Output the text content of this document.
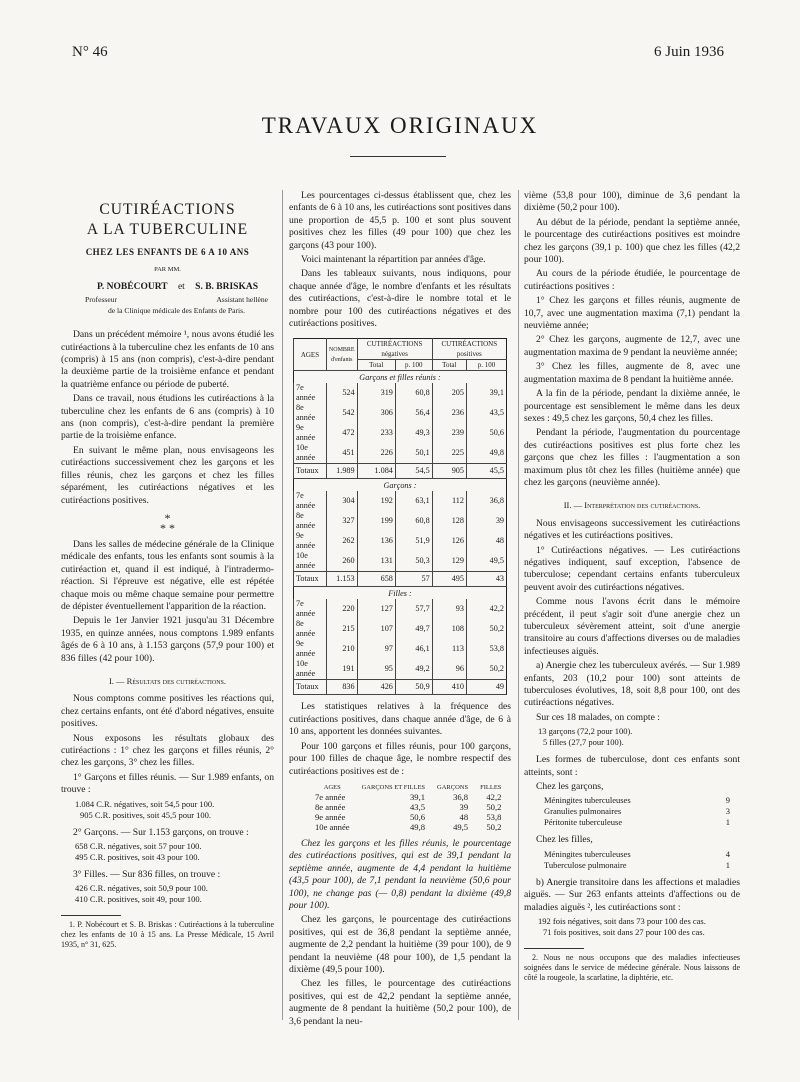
N° 46	6 Juin 1936
TRAVAUX ORIGINAUX
CUTIRÉACTIONS
A LA TUBERCULINE
CHEZ LES ENFANTS DE 6 A 10 ANS
PAR MM.
P. NOBÉCOURT et S. B. BRISKAS
Professeur	Assistant hellène
de la Clinique médicale des Enfants de Paris.

Dans un précédent mémoire ¹, nous avons étudié les cutiréactions à la tuberculine chez les enfants de 10 ans (compris) à 15 ans (non compris), c'est-à-dire pendant la deuxième partie de la troisième enfance et pendant la quatrième enfance ou période de puberté.

Dans ce travail, nous étudions les cutiréactions à la tuberculine chez les enfants de 6 ans (compris) à 10 ans (non compris), c'est-à-dire pendant la première partie de la troisième enfance.

En suivant le même plan, nous envisageons les cutiréactions successivement chez les garçons et les filles réunis, chez les garçons et chez les filles séparément, les cutiréactions négatives et les cutiréactions positives.

*
* *

Dans les salles de médecine générale de la Clinique médicale des enfants, tous les enfants sont soumis à la cutiréaction et, quand il est indiqué, à l'intradermo-réaction. Si l'épreuve est négative, elle est répétée chaque mois ou même chaque semaine pour permettre de dépister éventuellement l'apparition de la réaction.

Depuis le 1er Janvier 1921 jusqu'au 31 Décembre 1935, en quinze années, nous comptons 1.989 enfants âgés de 6 à 10 ans, à 1.153 garçons (57,9 pour 100) et 836 filles (42 pour 100).

I. — Résultats des cutiréactions.

Nous comptons comme positives les réactions qui, chez certains enfants, ont été d'abord négatives, ensuite positives.

Nous exposons les résultats globaux des cutiréactions : 1° chez les garçons et filles réunis, 2° chez les garçons, 3° chez les filles.

1° Garçons et filles réunis. — Sur 1.989 enfants, on trouve :

1.084 C.R. négatives, soit 54,5 pour 100.
905 C.R. positives, soit 45,5 pour 100.

2° Garçons. — Sur 1.153 garçons, on trouve :

658 C.R. négatives, soit 57 pour 100.
495 C.R. positives, soit 43 pour 100.

3° Filles. — Sur 836 filles, on trouve :

426 C.R. négatives, soit 50,9 pour 100.
410 C.R. positives, soit 49, pour 100.

1. P. Nobécourt et S. B. Briskas : Cutiréactions à la tuberculine chez les enfants de 10 à 15 ans. La Presse Médicale, 15 Avril 1935, n° 31, 625.

Les pourcentages ci-dessus établissent que, chez les enfants de 6 à 10 ans, les cutiréactions sont positives dans une proportion de 45,5 p. 100 et sont plus souvent positives chez les filles (49 pour 100) que chez les garçons (43 pour 100).

Voici maintenant la répartition par années d'âge.

Dans les tableaux suivants, nous indiquons, pour chaque année d'âge, le nombre d'enfants et les résultats des cutiréactions, c'est-à-dire le nombre total et le nombre pour 100 des cutiréactions négatives et des cutiréactions positives.

AGES	NOMBRE d'enfants	CUTIRÉACTIONS négatives		CUTIRÉACTIONS positives	
		Total	p. 100	Total	p. 100
Garçons et filles réunis :					
7e année	524	319	60,8	205	39,1
8e année	542	306	56,4	236	43,5
9e année	472	233	49,3	239	50,6
10e année	451	226	50,1	225	49,8
Totaux	1.989	1.084	54,5	905	45,5
Garçons :					
7e année	304	192	63,1	112	36,8
8e année	327	199	60,8	128	39
9e année	262	136	51,9	126	48
10e année	260	131	50,3	129	49,5
Totaux	1.153	658	57	495	43
Filles :					
7e année	220	127	57,7	93	42,2
8e année	215	107	49,7	108	50,2
9e année	210	97	46,1	113	53,8
10e année	191	95	49,2	96	50,2
Totaux	836	426	50,9	410	49

Les statistiques relatives à la fréquence des cutiréactions positives, dans chaque année d'âge, de 6 à 10 ans, apportent les données suivantes.

Pour 100 garçons et filles réunis, pour 100 garçons, pour 100 filles de chaque âge, le nombre respectif des cutiréactions positives est de :

AGES	GARÇONS ET FILLES	GARÇONS	FILLES
7e année	39,1	36,8	42,2
8e année	43,5	39	50,2
9e année	50,6	48	53,8
10e année	49,8	49,5	50,2

Chez les garçons et les filles réunis, le pourcentage des cutiréactions positives, qui est de 39,1 pendant la septième année, augmente de 4,4 pendant la huitième (43,5 pour 100), de 7,1 pendant la neuvième (50,6 pour 100), ne change pas (— 0,8) pendant la dixième (49,8 pour 100).

Chez les garçons, le pourcentage des cutiréactions positives, qui est de 36,8 pendant la septième année, augmente de 2,2 pendant la huitième (39 pour 100), de 9 pendant la neuvième (48 pour 100), de 1,5 pendant la dixième (49,5 pour 100).

Chez les filles, le pourcentage des cutiréactions positives, qui est de 42,2 pendant la septième année, augmente de 8 pendant la huitième (50,2 pour 100), de 3,6 pendant la neu-

vième (53,8 pour 100), diminue de 3,6 pendant la dixième (50,2 pour 100).

Au début de la période, pendant la septième année, le pourcentage des cutiréactions positives est moindre chez les garçons (39,1 p. 100) que chez les filles (42,2 pour 100).

Au cours de la période étudiée, le pourcentage de cutiréactions positives :

1° Chez les garçons et filles réunis, augmente de 10,7, avec une augmentation maxima (7,1) pendant la neuvième année;

2° Chez les garçons, augmente de 12,7, avec une augmentation maxima de 9 pendant la neuvième année;

3° Chez les filles, augmente de 8, avec une augmentation maxima de 8 pendant la huitième année.

A la fin de la période, pendant la dixième année, le pourcentage est sensiblement le même dans les deux sexes : 49,5 chez les garçons, 50,4 chez les filles.

Pendant la période, l'augmentation du pourcentage des cutiréactions positives est plus forte chez les garçons que chez les filles : l'augmentation a son maximum plus tôt chez les filles (huitième année) que chez les garçons (neuvième année).

II. — Interprétation des cutiréactions.

Nous envisageons successivement les cutiréactions négatives et les cutiréactions positives.

1° Cutiréactions négatives. — Les cutiréactions négatives indiquent, sauf exception, l'absence de tuberculose; cependant certains enfants tuberculeux peuvent avoir des cutiréactions négatives.

Comme nous l'avons écrit dans le mémoire précédent, il peut s'agir soit d'une anergie chez un tuberculeux sévèrement atteint, soit d'une anergie transitoire au cours d'affections diverses ou de maladies infectieuses aiguës.

a) Anergie chez les tuberculeux avérés. — Sur 1.989 enfants, 203 (10,2 pour 100) sont atteints de tuberculoses évolutives, 18, soit 8,8 pour 100, ont des cutiréactions négatives.

Sur ces 18 malades, on compte :

13 garçons (72,2 pour 100).
5 filles (27,7 pour 100).

Les formes de tuberculose, dont ces enfants sont atteints, sont :

Chez les garçons,

Méningites tuberculeuses	9
Granulies pulmonaires	3
Péritonite tuberculeuse	1

Chez les filles,

Méningites tuberculeuses	4
Tuberculose pulmonaire	1

b) Anergie transitoire dans les affections et maladies aiguës. — Sur 263 enfants atteints d'affections ou de maladies aiguës ², les cutiréactions sont :

192 fois négatives, soit dans 73 pour 100 des cas.
71 fois positives, soit dans 27 pour 100 des cas.

2. Nous ne nous occupons que des maladies infectieuses soignées dans le service de médecine générale. Nous laissons de côté la rougeole, la scarlatine, la diphtérie, etc.
